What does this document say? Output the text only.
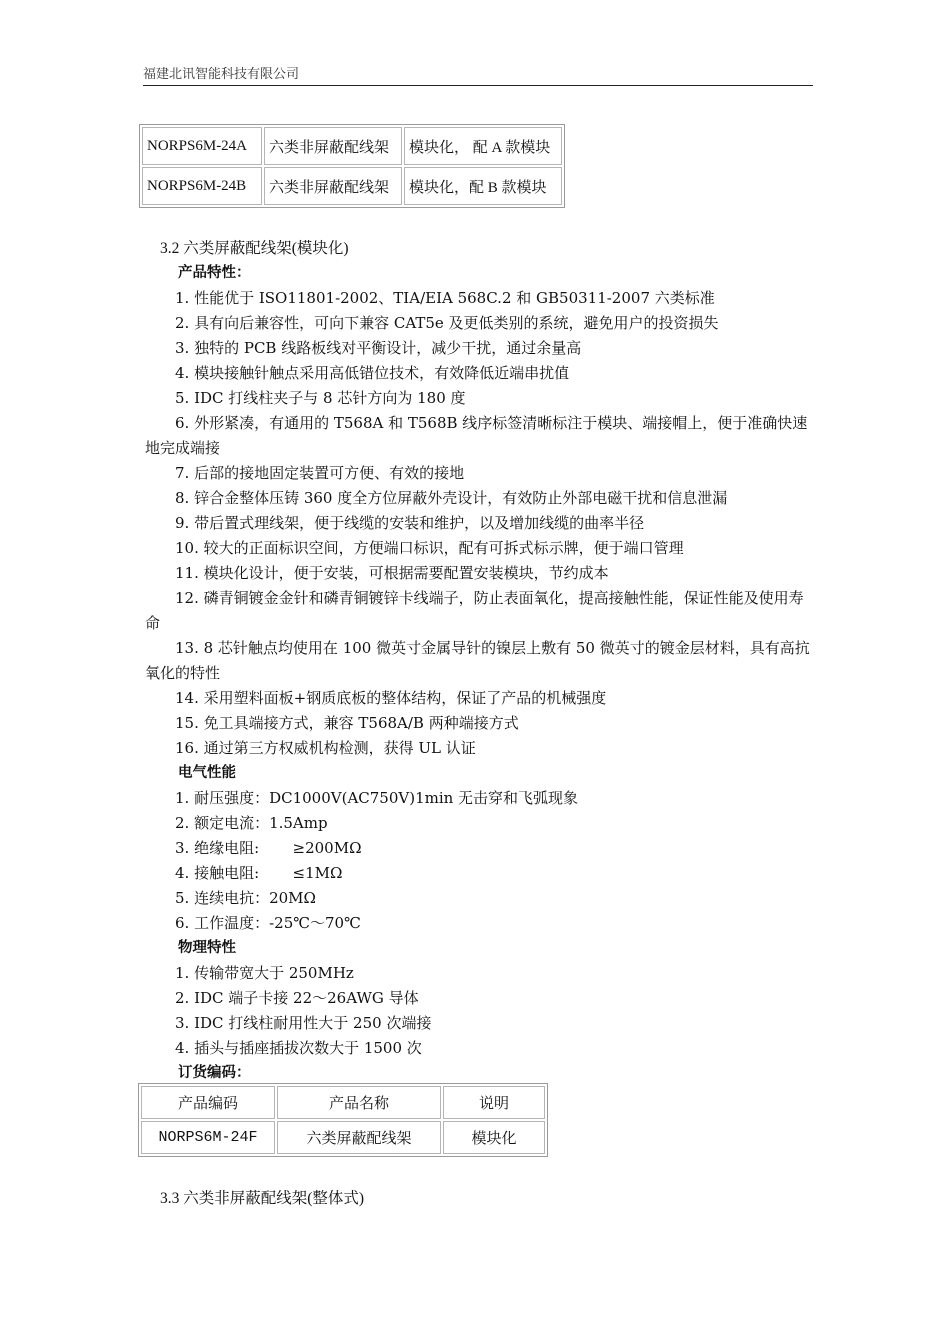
福建北讯智能科技有限公司
NORPS6M-24A	六类非屏蔽配线架	模块化， 配 A 款模块
NORPS6M-24B	六类非屏蔽配线架	模块化，配 B 款模块
3.2 六类屏蔽配线架(模块化)
产品特性：
1. 性能优于 ISO11801-2002、TIA/EIA 568C.2 和 GB50311-2007 六类标准
2. 具有向后兼容性，可向下兼容 CAT5e 及更低类别的系统，避免用户的投资损失
3. 独特的 PCB 线路板线对平衡设计，减少干扰，通过余量高
4. 模块接触针触点采用高低错位技术，有效降低近端串扰值
5. IDC 打线柱夹子与 8 芯针方向为 180 度
6. 外形紧凑，有通用的 T568A 和 T568B 线序标签清晰标注于模块、端接帽上，便于准确快速地完成端接
7. 后部的接地固定装置可方便、有效的接地
8. 锌合金整体压铸 360 度全方位屏蔽外壳设计，有效防止外部电磁干扰和信息泄漏
9. 带后置式理线架，便于线缆的安装和维护，以及增加线缆的曲率半径
10. 较大的正面标识空间，方便端口标识，配有可拆式标示牌，便于端口管理
11. 模块化设计，便于安装，可根据需要配置安装模块，节约成本
12. 磷青铜镀金金针和磷青铜镀锌卡线端子，防止表面氧化，提高接触性能，保证性能及使用寿命
13. 8 芯针触点均使用在 100 微英寸金属导针的镍层上敷有 50 微英寸的镀金层材料，具有高抗氧化的特性
14. 采用塑料面板+钢质底板的整体结构，保证了产品的机械强度
15. 免工具端接方式，兼容 T568A/B 两种端接方式
16. 通过第三方权威机构检测，获得 UL 认证
电气性能
1. 耐压强度：DC1000V(AC750V)1min 无击穿和飞弧现象
2. 额定电流：1.5Amp
3. 绝缘电阻:       ≥200MΩ
4. 接触电阻:       ≤1MΩ
5. 连续电抗：20MΩ
6. 工作温度：-25℃～70℃
物理特性
1. 传输带宽大于 250MHz
2. IDC 端子卡接 22～26AWG 导体
3. IDC 打线柱耐用性大于 250 次端接
4. 插头与插座插拔次数大于 1500 次
订货编码：
产品编码	产品名称	说明
NORPS6M-24F	六类屏蔽配线架	模块化
3.3 六类非屏蔽配线架(整体式)
